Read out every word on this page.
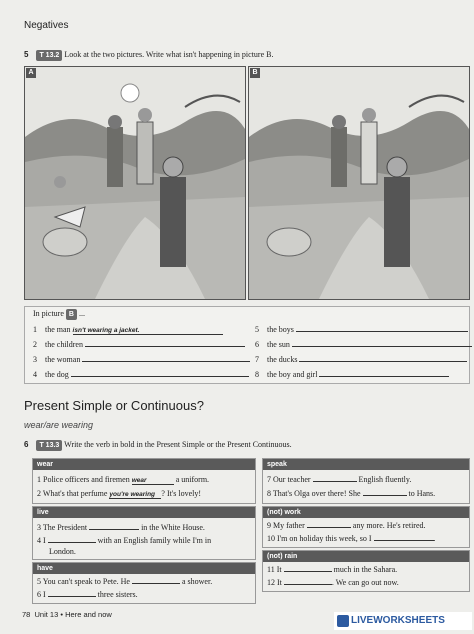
Negatives
5 T 13.2 Look at the two pictures. Write what isn't happening in picture B.
A	B
In picture B ...
1 the man isn't wearing a jacket.
2 the children
3 the woman
4 the dog
5 the boys
6 the sun
7 the ducks
8 the boy and girl
Present Simple or Continuous?
wear/are wearing
6 T 13.3 Write the verb in bold in the Present Simple or the Present Continuous.
wear
1 Police officers and firemen wear	a uniform.
2 What's that perfume you're wearing ? It's lovely!
live
3 The President	in the White House.
4 I	with an English family while I'm in
London.
have
5 You can't speak to Pete. He	a shower.
6 I	three sisters.
speak
7 Our teacher	English fluently.
8 That's Olga over there! She	to Hans.
(not) work
9 My father	any more. He's retired.
10 I'm on holiday this week, so I	.
(not) rain
11 It	much in the Sahara.
12 It	. We can go out now.
78 Unit 13 • Here and now
$^{LIVEWORKSHEETS}$
